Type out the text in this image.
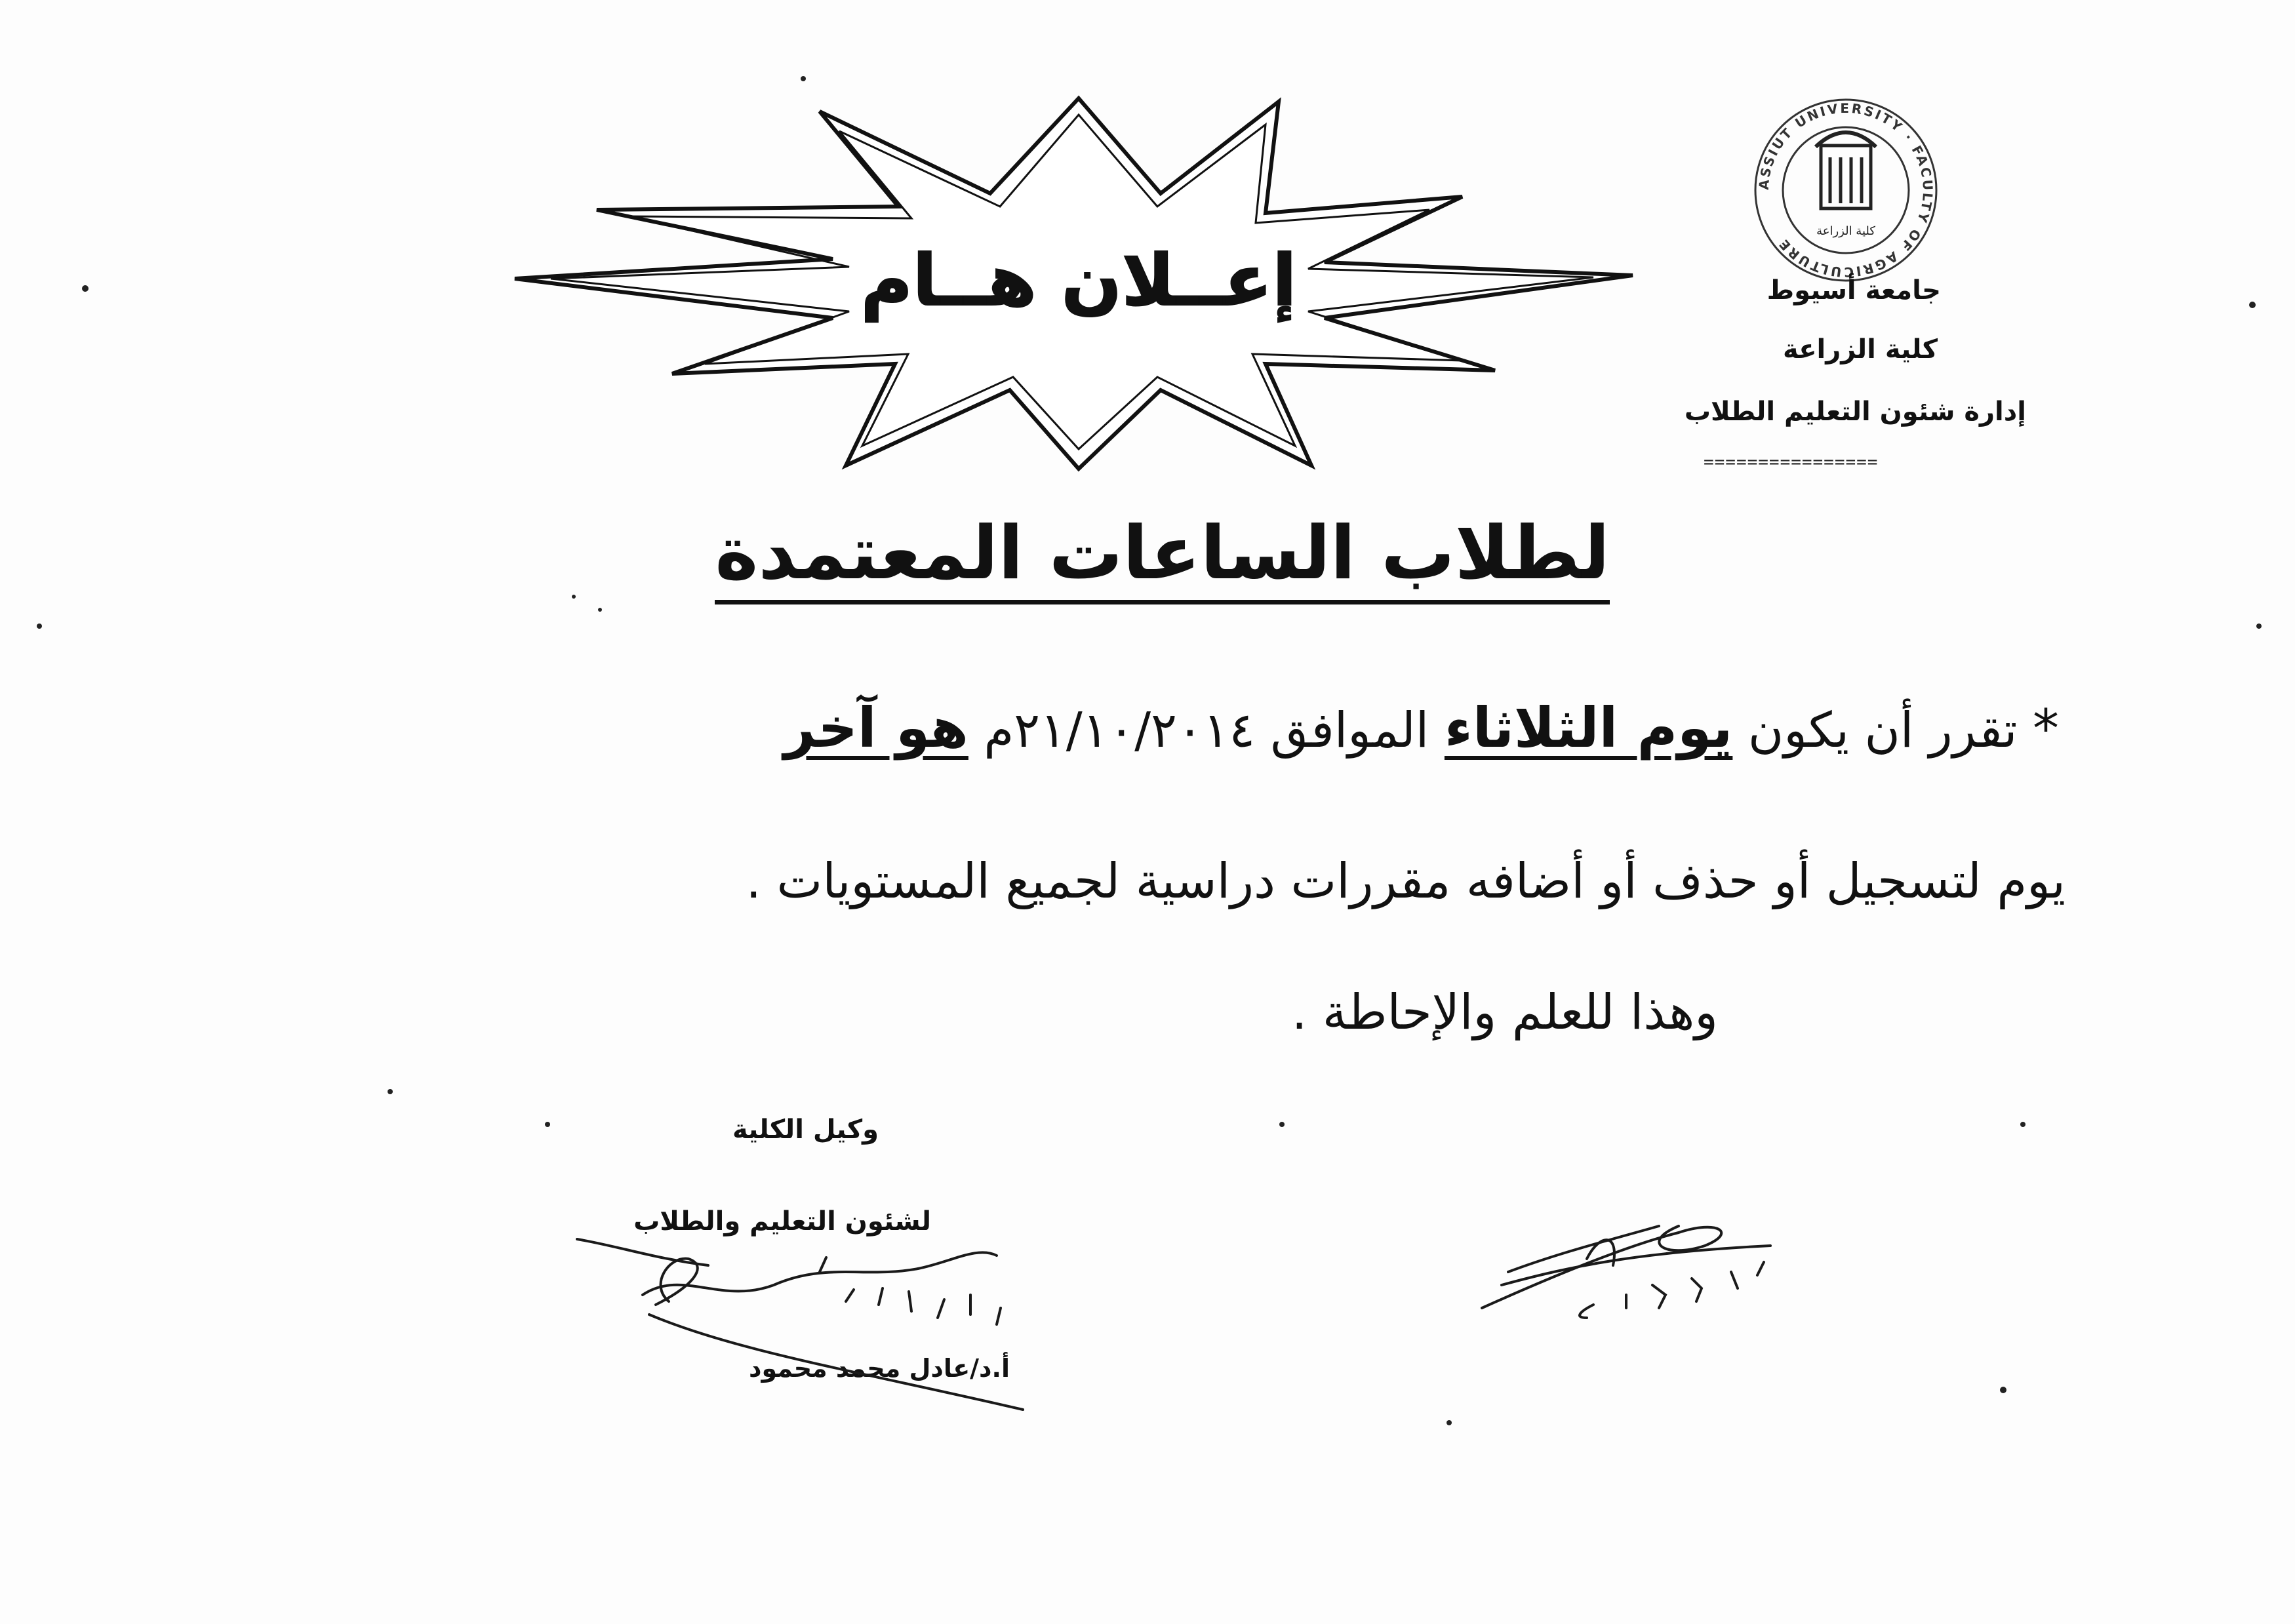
ASSIUT UNIVERSITY · FACULTY OF AGRICULTURE
كلية الزراعة
جامعة أسيوط
كلية الزراعة
إدارة شئون التعليم الطلاب
================
إعــلان هــام
لطلاب الساعات المعتمدة
* تقرر أن يكون يوم الثلاثاء الموافق ٢١/١٠/٢٠١٤م هو آخر
يوم لتسجيل أو حذف أو أضافه مقررات دراسية لجميع المستويات .
وهذا للعلم والإحاطة .
وكيل الكلية
لشئون التعليم والطلاب
أ.د/عادل محمد محمود
